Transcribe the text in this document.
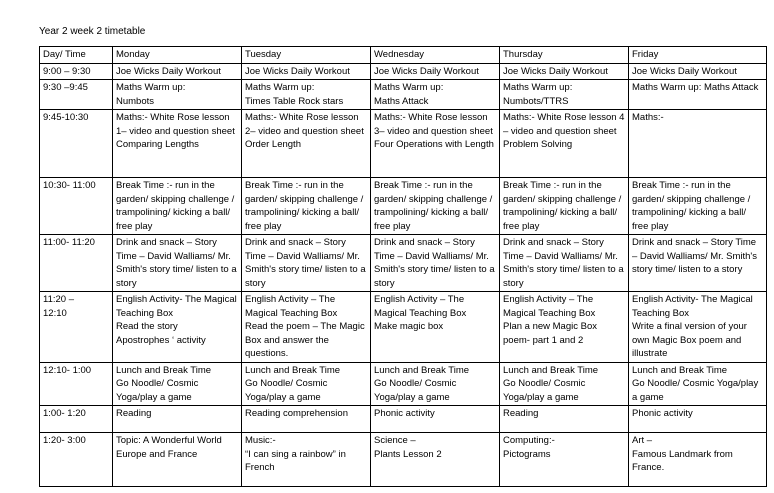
Year 2 week 2 timetable
Day/ Time	Monday	Tuesday	Wednesday	Thursday	Friday

9:00 – 9:30	Joe Wicks Daily Workout	Joe Wicks Daily Workout	Joe Wicks Daily Workout	Joe Wicks Daily Workout	Joe Wicks Daily Workout

9:30 –9:45	Maths Warm up:
Numbots	Maths Warm up:
Times Table Rock stars	Maths Warm up:
Maths Attack	Maths Warm up:
Numbots/TTRS	Maths Warm up: Maths Attack

9:45-10:30	Maths:- White Rose lesson 1– video and question sheet
Comparing Lengths	Maths:- White Rose lesson 2– video and question sheet
Order Length	Maths:- White Rose lesson 3– video and question sheet
Four Operations with Length	Maths:- White Rose lesson 4 – video and question sheet
Problem Solving	Maths:-

10:30- 11:00	Break Time :- run in the garden/ skipping challenge / trampolining/ kicking a ball/ free play	Break Time :- run in the garden/ skipping challenge / trampolining/ kicking a ball/ free play	Break Time :- run in the garden/ skipping challenge / trampolining/ kicking a ball/ free play	Break Time :- run in the garden/ skipping challenge / trampolining/ kicking a ball/ free play	Break Time :- run in the garden/ skipping challenge / trampolining/ kicking a ball/ free play

11:00- 11:20	Drink and snack – Story Time – David Walliams/ Mr. Smith's story time/ listen to a story	Drink and snack – Story Time – David Walliams/ Mr. Smith's story time/ listen to a story	Drink and snack – Story Time – David Walliams/ Mr. Smith's story time/ listen to a story	Drink and snack – Story Time – David Walliams/ Mr. Smith's story time/ listen to a story	Drink and snack – Story Time – David Walliams/ Mr. Smith's story time/ listen to a story

11:20 –
12:10	English Activity- The Magical Teaching Box
Read the story
Apostrophes ‘ activity	English Activity – The Magical Teaching Box
Read the poem – The Magic Box and answer the questions.	English Activity – The Magical Teaching Box
Make magic box	English Activity – The Magical Teaching Box
Plan a new Magic Box poem- part 1 and 2	English Activity- The Magical Teaching Box
Write a final version of your own Magic Box poem and illustrate

12:10- 1:00	Lunch and Break Time
Go Noodle/ Cosmic Yoga/play a game	Lunch and Break Time
Go Noodle/ Cosmic Yoga/play a game	Lunch and Break Time
Go Noodle/ Cosmic Yoga/play a game	Lunch and Break Time
Go Noodle/ Cosmic Yoga/play a game	Lunch and Break Time
Go Noodle/ Cosmic Yoga/play a game

1:00- 1:20	Reading	Reading comprehension	Phonic activity	Reading	Phonic activity

1:20- 3:00	Topic: A Wonderful World
Europe and France	Music:-
“I can sing a rainbow” in French	Science –
Plants Lesson 2	Computing:-
Pictograms	Art –
Famous Landmark from France.
